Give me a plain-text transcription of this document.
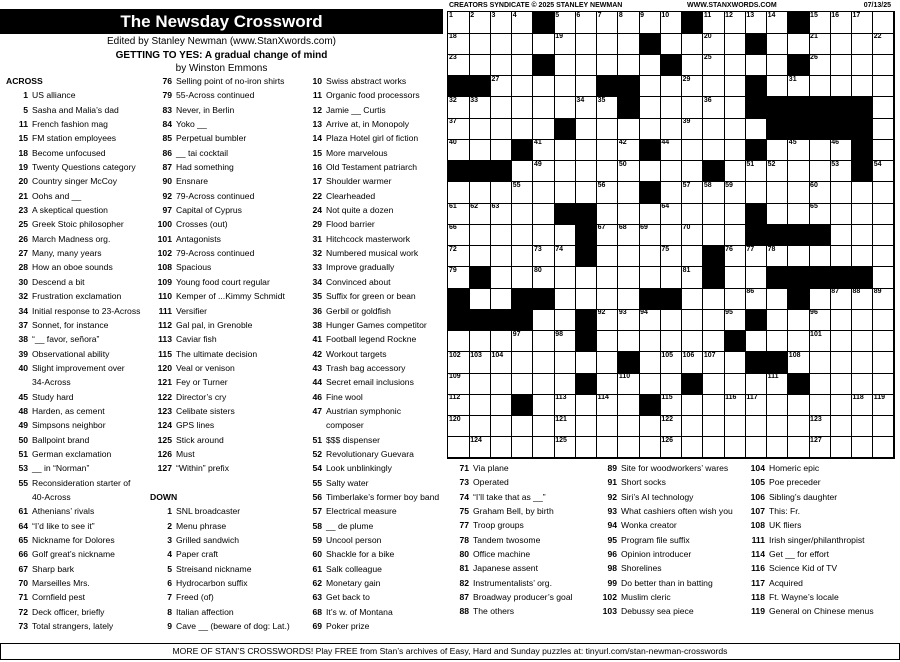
The Newsday Crossword
Edited by Stanley Newman (www.StanXwords.com)
GETTING TO YES: A gradual change of mind
by Winston Emmons
ACROSS
1 US alliance
5 Sasha and Malia’s dad
11 French fashion mag
15 FM station employees
18 Become unfocused
19 Twenty Questions category
20 Country singer McCoy
21 Oohs and __
23 A skeptical question
25 Greek Stoic philosopher
26 March Madness org.
27 Many, many years
28 How an oboe sounds
30 Descend a bit
32 Frustration exclamation
34 Initial response to 23-Across
37 Sonnet, for instance
38 “__ favor, señora”
39 Observational ability
40 Slight improvement over
34-Across
45 Study hard
48 Harden, as cement
49 Simpsons neighbor
50 Ballpoint brand
51 German exclamation
53 __ in “Norman”
55 Reconsideration starter of
40-Across
61 Athenians’ rivals
64 “I’d like to see it”
65 Nickname for Dolores
66 Golf great’s nickname
67 Sharp bark
70 Marseilles Mrs.
71 Cornfield pest
72 Deck officer, briefly
73 Total strangers, lately
76 Selling point of no-iron shirts
79 55-Across continued
83 Never, in Berlin
84 Yoko __
85 Perpetual bumbler
86 __ tai cocktail
87 Had something
90 Ensnare
92 79-Across continued
97 Capital of Cyprus
100 Crosses (out)
101 Antagonists
102 79-Across continued
108 Spacious
109 Young food court regular
110 Kemper of ...Kimmy Schmidt
111 Versifier
112 Gal pal, in Grenoble
113 Caviar fish
115 The ultimate decision
120 Veal or venison
121 Fey or Turner
122 Director’s cry
123 Celibate sisters
124 GPS lines
125 Stick around
126 Must
127 “Within” prefix
DOWN
1 SNL broadcaster
2 Menu phrase
3 Grilled sandwich
4 Paper craft
5 Streisand nickname
6 Hydrocarbon suffix
7 Freed (of)
8 Italian affection
9 Cave __ (beware of dog: Lat.)
10 Swiss abstract works
11 Organic food processors
12 Jamie __ Curtis
13 Arrive at, in Monopoly
14 Plaza Hotel girl of fiction
15 More marvelous
16 Old Testament patriarch
17 Shoulder warmer
22 Clearheaded
24 Not quite a dozen
29 Flood barrier
31 Hitchcock masterwork
32 Numbered musical work
33 Improve gradually
34 Convinced about
35 Suffix for green or bean
36 Gerbil or goldfish
38 Hunger Games competitor
41 Football legend Rockne
42 Workout targets
43 Trash bag accessory
44 Secret email inclusions
46 Fine wool
47 Austrian symphonic
composer
51 $$$ dispenser
52 Revolutionary Guevara
54 Look unblinkingly
55 Salty water
56 Timberlake’s former boy band
57 Electrical measure
58 __ de plume
59 Uncool person
60 Shackle for a bike
61 Salk colleague
62 Monetary gain
63 Get back to
68 It’s w. of Montana
69 Poker prize
71 Via plane
73 Operated
74 “I’ll take that as __”
75 Graham Bell, by birth
77 Troop groups
78 Tandem twosome
80 Office machine
81 Japanese assent
82 Instrumentalists’ org.
87 Broadway producer’s goal
88 The others
89 Site for woodworkers’ wares
91 Short socks
92 Siri’s AI technology
93 What cashiers often wish you
94 Wonka creator
95 Program file suffix
96 Opinion introducer
98 Shorelines
99 Do better than in batting
102 Muslim cleric
103 Debussy sea piece
104 Homeric epic
105 Poe preceder
106 Sibling’s daughter
107 This: Fr.
108 UK fliers
111 Irish singer/philanthropist
114 Get __ for effort
116 Science Kid of TV
117 Acquired
118 Ft. Wayne’s locale
119 General on Chinese menus
CREATORS SYNDICATE © 2025 STANLEY NEWMAN	WWW.STANXWORDS.COM	07/13/25
1 2 3 4	5 6 7 8 9 10	11 12 13 14	15 16 17
18	19	20	21	22
23	24	25	26
27	28	29	30	31
32 33	34 35	36
37	38	39
40	41	42 43 44	45	46 47
48	49	50	51 52	53	54
55	56	57 58 59	60
61 62 63	64	65
66	67 68 69	70	71
72	73 74	75	76 77 78
79	80	81 82
83	84	85	86	87 88 89
90	91	92 93 94	95	96
97	98 99	100	101
102 103 104	105 106 107	108
109	110	111
112	113	114	115	116 117	118 119
120	121	122	123
124	125	126	127
MORE OF STAN’S CROSSWORDS! Play FREE from Stan’s archives of Easy, Hard and Sunday puzzles at: tinyurl.com/stan-newman-crosswords
